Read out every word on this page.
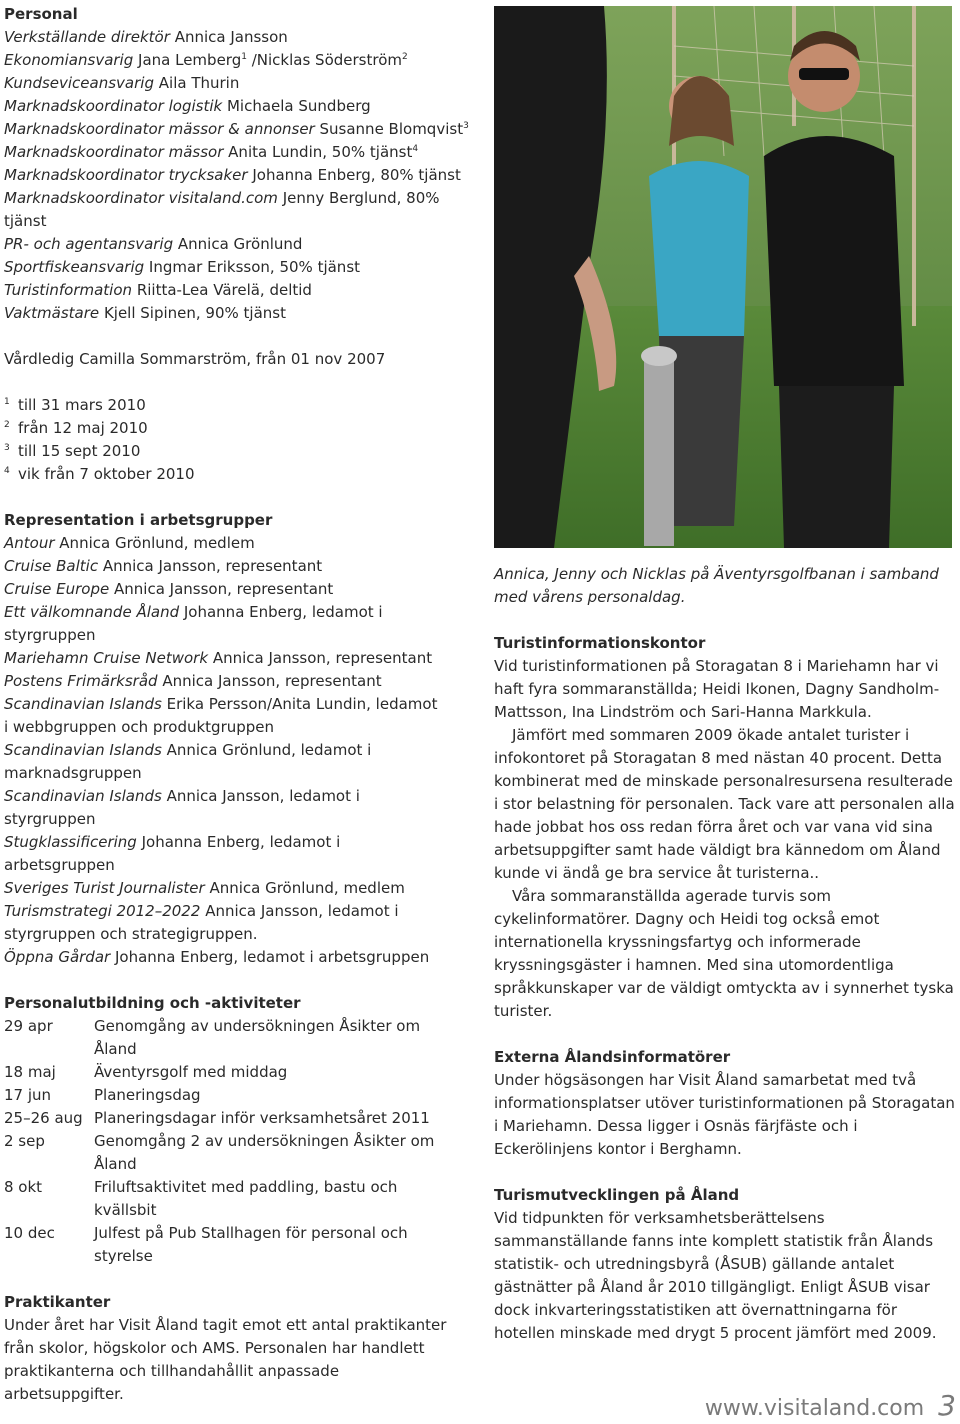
Personal
Verkställande direktör Annica Jansson
Ekonomiansvarig Jana Lemberg$^1$ /Nicklas Söderström$^2$
Kundseviceansvarig Aila Thurin
Marknadskoordinator logistik Michaela Sundberg
Marknadskoordinator mässor & annonser Susanne Blomqvist$^3$
Marknadskoordinator mässor Anita Lundin, 50% tjänst$^4$
Marknadskoordinator trycksaker Johanna Enberg, 80% tjänst
Marknadskoordinator visitaland.com Jenny Berglund, 80% tjänst
PR- och agentansvarig Annica Grönlund
Sportfiskeansvarig Ingmar Eriksson, 50% tjänst
Turistinformation Riitta-Lea Värelä, deltid
Vaktmästare Kjell Sipinen, 90% tjänst
Vårdledig Camilla Sommarström, från 01 nov 2007
1 till 31 mars 2010
2 från 12 maj 2010
3 till 15 sept 2010
4 vik från 7 oktober 2010
Representation i arbetsgrupper
Antour Annica Grönlund, medlem
Cruise Baltic Annica Jansson, representant
Cruise Europe Annica Jansson, representant
Ett välkomnande Åland Johanna Enberg, ledamot i styrgruppen
Mariehamn Cruise Network Annica Jansson, representant
Postens Frimärksråd Annica Jansson, representant
Scandinavian Islands Erika Persson/Anita Lundin, ledamot i webbgruppen och produktgruppen
Scandinavian Islands Annica Grönlund, ledamot i marknadsgruppen
Scandinavian Islands Annica Jansson, ledamot i styrgruppen
Stugklassificering Johanna Enberg, ledamot i arbetsgruppen
Sveriges Turist Journalister Annica Grönlund, medlem
Turismstrategi 2012–2022 Annica Jansson, ledamot i styrgruppen och strategigruppen.
Öppna Gårdar Johanna Enberg, ledamot i arbetsgruppen
Personalutbildning och -aktiviteter
29 apr	Genomgång av undersökningen Åsikter om Åland
18 maj	Äventyrsgolf med middag
17 jun	Planeringsdag
25–26 aug Planeringsdagar inför verksamhetsåret 2011
2 sep	Genomgång 2 av undersökningen Åsikter om Åland
8 okt	Friluftsaktivitet med paddling, bastu och kvällsbit
10 dec	Julfest på Pub Stallhagen för personal och styrelse
Praktikanter
Under året har Visit Åland tagit emot ett antal praktikanter från skolor, högskolor och AMS. Personalen har handlett praktikanterna och tillhandahållit anpassade arbetsuppgifter.
Annica, Jenny och Nicklas på Äventyrsgolfbanan i samband med vårens personaldag.
Turistinformationskontor
Vid turistinformationen på Storagatan 8 i Mariehamn har vi haft fyra sommaranställda; Heidi Ikonen, Dagny Sandholm-Mattsson, Ina Lindström och Sari-Hanna Markkula.
Jämfört med sommaren 2009 ökade antalet turister i infokontoret på Storagatan 8 med nästan 40 procent. Detta kombinerat med de minskade personalresursena resulterade i stor belastning för personalen. Tack vare att personalen alla hade jobbat hos oss redan förra året och var vana vid sina arbetsuppgifter samt hade väldigt bra kännedom om Åland kunde vi ändå ge bra service åt turisterna..
Våra sommaranställda agerade turvis som cykelinformatörer. Dagny och Heidi tog också emot internationella kryssningsfartyg och informerade kryssningsgäster i hamnen. Med sina utomordentliga språkkunskaper var de väldigt omtyckta av i synnerhet tyska turister.
Externa Ålandsinformatörer
Under högsäsongen har Visit Åland samarbetat med två informationsplatser utöver turistinformationen på Storagatan i Mariehamn. Dessa ligger i Osnäs färjfäste och i Eckerölinjens kontor i Berghamn.
Turismutvecklingen på Åland
Vid tidpunkten för verksamhetsberättelsens sammanställande fanns inte komplett statistik från Ålands statistik- och utredningsbyrå (ÅSUB) gällande antalet gästnätter på Åland år 2010 tillgängligt. Enligt ÅSUB visar dock inkvarteringsstatistiken att övernattningarna för hotellen minskade med drygt 5 procent jämfört med 2009.
www.visitaland.com 3
